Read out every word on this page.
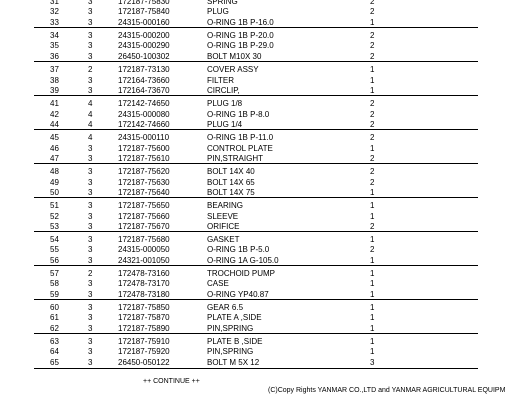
31	3	172187-75830	SPRING	2
32	3	172187-75840	PLUG	2
33	3	24315-000160	O-RING 1B P-16.0	1
34	3	24315-000200	O-RING 1B P-20.0	2
35	3	24315-000290	O-RING 1B P-29.0	2
36	3	26450-100302	BOLT M10X 30	2
37	2	172187-73130	COVER ASSY	1
38	3	172164-73660	FILTER	1
39	3	172164-73670	CIRCLIP,	1
41	4	172142-74650	PLUG 1/8	2
42	4	24315-000080	O-RING 1B P-8.0	2
44	4	172142-74660	PLUG 1/4	2
45	4	24315-000110	O-RING 1B P-11.0	2
46	3	172187-75600	CONTROL PLATE	1
47	3	172187-75610	PIN,STRAIGHT	2
48	3	172187-75620	BOLT 14X 40	2
49	3	172187-75630	BOLT 14X 65	2
50	3	172187-75640	BOLT 14X 75	1
51	3	172187-75650	BEARING	1
52	3	172187-75660	SLEEVE	1
53	3	172187-75670	ORIFICE	2
54	3	172187-75680	GASKET	1
55	3	24315-000050	O-RING 1B P-5.0	2
56	3	24321-001050	O-RING 1A G-105.0	1
57	2	172478-73160	TROCHOID PUMP	1
58	3	172478-73170	CASE	1
59	3	172478-73180	O-RING YP40.87	1
60	3	172187-75850	GEAR 6.5	1
61	3	172187-75870	PLATE A ,SIDE	1
62	3	172187-75890	PIN,SPRING	1
63	3	172187-75910	PLATE B ,SIDE	1
64	3	172187-75920	PIN,SPRING	1
65	3	26450-050122	BOLT M 5X 12	3
++ CONTINUE ++
(C)Copy Rights YANMAR CO.,LTD and YANMAR AGRICULTURAL EQUIPM
